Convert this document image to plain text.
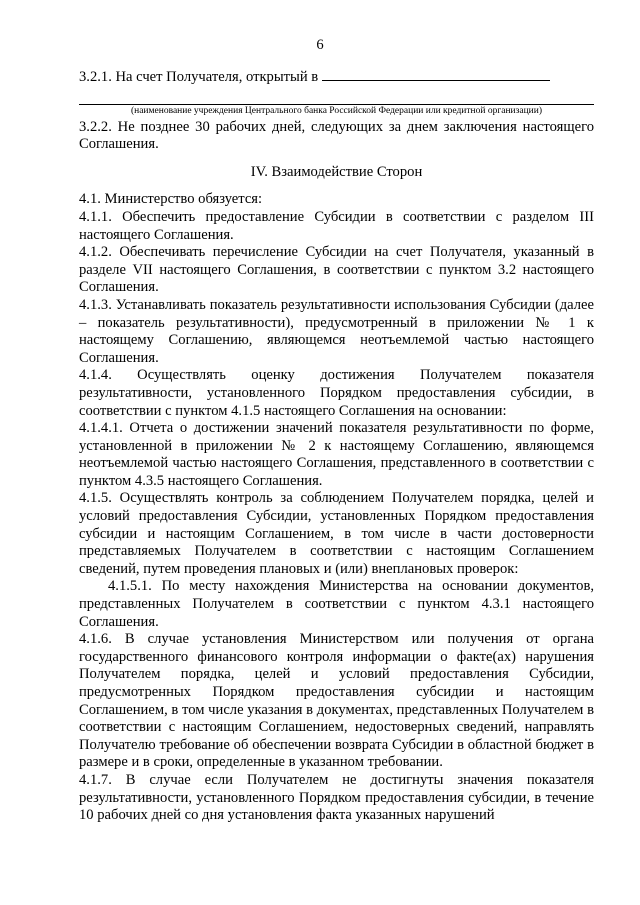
6

3.2.1. На счет Получателя, открытый в

(наименование учреждения Центрального банка Российской Федерации или кредитной организации)

3.2.2. Не позднее 30 рабочих дней, следующих за днем заключения настоящего Соглашения.

IV. Взаимодействие Сторон

4.1. Министерство обязуется:

4.1.1. Обеспечить предоставление Субсидии в соответствии с разделом III настоящего Соглашения.

4.1.2. Обеспечивать перечисление Субсидии на счет Получателя, указанный в разделе VII настоящего Соглашения, в соответствии с пунктом 3.2 настоящего Соглашения.

4.1.3. Устанавливать показатель результативности использования Субсидии (далее – показатель результативности), предусмотренный в приложении № 1 к настоящему Соглашению, являющемся неотъемлемой частью настоящего Соглашения.

4.1.4. Осуществлять оценку достижения Получателем показателя результативности, установленного Порядком предоставления субсидии, в соответствии с пунктом 4.1.5 настоящего Соглашения на основании:

4.1.4.1. Отчета о достижении значений показателя результативности по форме, установленной в приложении № 2 к настоящему Соглашению, являющемся неотъемлемой частью настоящего Соглашения, представленного в соответствии с пунктом 4.3.5 настоящего Соглашения.

4.1.5. Осуществлять контроль за соблюдением Получателем порядка, целей и условий предоставления Субсидии, установленных Порядком предоставления субсидии и настоящим Соглашением, в том числе в части достоверности представляемых Получателем в соответствии с настоящим Соглашением сведений, путем проведения плановых и (или) внеплановых проверок:

4.1.5.1. По месту нахождения Министерства на основании документов, представленных Получателем в соответствии с пунктом 4.3.1 настоящего Соглашения.

4.1.6. В случае установления Министерством или получения от органа государственного финансового контроля информации о факте(ах) нарушения Получателем порядка, целей и условий предоставления Субсидии, предусмотренных Порядком предоставления субсидии и настоящим Соглашением, в том числе указания в документах, представленных Получателем в соответствии с настоящим Соглашением, недостоверных сведений, направлять Получателю требование об обеспечении возврата Субсидии в областной бюджет в размере и в сроки, определенные в указанном требовании.

4.1.7. В случае если Получателем не достигнуты значения показателя результативности, установленного Порядком предоставления субсидии, в течение 10 рабочих дней со дня установления факта указанных нарушений
